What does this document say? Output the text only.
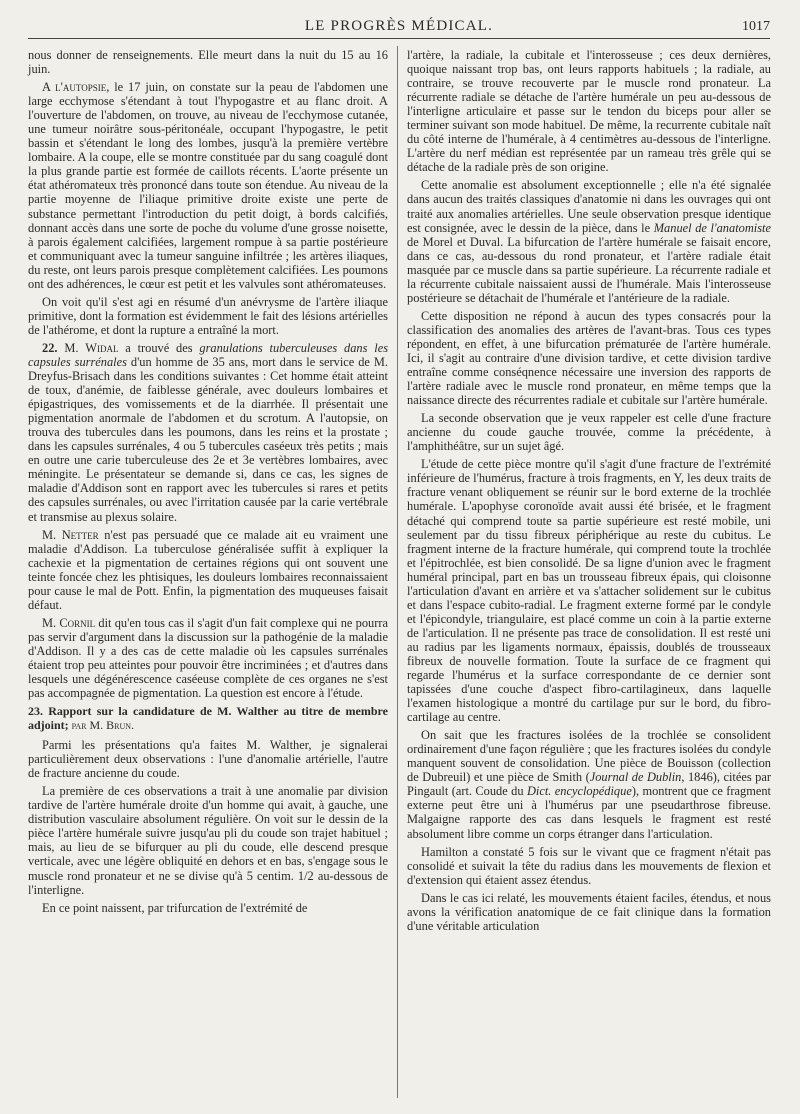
LE PROGRÈS MÉDICAL.	1017

nous donner de renseignements. Elle meurt dans la nuit du 15 au 16 juin.

A l'autopsie, le 17 juin, on constate sur la peau de l'abdomen une large ecchymose s'étendant à tout l'hypogastre et au flanc droit. A l'ouverture de l'abdomen, on trouve, au niveau de l'ecchymose cutanée, une tumeur noirâtre sous-péritonéale, occupant l'hypogastre, le petit bassin et s'étendant le long des lombes, jusqu'à la première vertèbre lombaire. A la coupe, elle se montre constituée par du sang coagulé dont la plus grande partie est formée de caillots récents. L'aorte présente un état athéromateux très prononcé dans toute son étendue. Au niveau de la partie moyenne de l'iliaque primitive droite existe une perte de substance permettant l'introduction du petit doigt, à bords calcifiés, donnant accès dans une sorte de poche du volume d'une grosse noisette, à parois également calcifiées, largement rompue à sa partie postérieure et communiquant avec la tumeur sanguine infiltrée ; les artères iliaques, du reste, ont leurs parois presque complètement calcifiées. Les poumons ont des adhérences, le cœur est petit et les valvules sont athéromateuses.

On voit qu'il s'est agi en résumé d'un anévrysme de l'artère iliaque primitive, dont la formation est évidemment le fait des lésions artérielles de l'athérome, et dont la rupture a entraîné la mort.

22. M. Widal a trouvé des granulations tuberculeuses dans les capsules surrénales d'un homme de 35 ans, mort dans le service de M. Dreyfus-Brisach dans les conditions suivantes : Cet homme était atteint de toux, d'anémie, de faiblesse générale, avec douleurs lombaires et épigastriques, des vomissements et de la diarrhée. Il présentait une pigmentation anormale de l'abdomen et du scrotum. A l'autopsie, on trouva des tubercules dans les poumons, dans les reins et la prostate ; dans les capsules surrénales, 4 ou 5 tubercules caséeux très petits ; mais en outre une carie tuberculeuse des 2e et 3e vertèbres lombaires, avec méningite. Le présentateur se demande si, dans ce cas, les signes de maladie d'Addison sont en rapport avec les tubercules si rares et petits des capsules surrénales, ou avec l'irritation causée par la carie vertébrale et transmise au plexus solaire.

M. Netter n'est pas persuadé que ce malade ait eu vraiment une maladie d'Addison. La tuberculose généralisée suffit à expliquer la cachexie et la pigmentation de certaines régions qui ont souvent une teinte foncée chez les phtisiques, les douleurs lombaires reconnaissaient pour cause le mal de Pott. Enfin, la pigmentation des muqueuses faisait défaut.

M. Cornil dit qu'en tous cas il s'agit d'un fait complexe qui ne pourra pas servir d'argument dans la discussion sur la pathogénie de la maladie d'Addison. Il y a des cas de cette maladie où les capsules surrénales étaient trop peu atteintes pour pouvoir être incriminées ; et d'autres dans lesquels une dégénérescence caséeuse complète de ces organes ne s'est pas accompagnée de pigmentation. La question est encore à l'étude.

23. Rapport sur la candidature de M. Walther au titre de membre adjoint; par M. Brun.

Parmi les présentations qu'a faites M. Walther, je signalerai particulièrement deux observations : l'une d'anomalie artérielle, l'autre de fracture ancienne du coude.

La première de ces observations a trait à une anomalie par division tardive de l'artère humérale droite d'un homme qui avait, à gauche, une distribution vasculaire absolument régulière. On voit sur le dessin de la pièce l'artère humérale suivre jusqu'au pli du coude son trajet habituel ; mais, au lieu de se bifurquer au pli du coude, elle descend presque verticale, avec une légère obliquité en dehors et en bas, s'engage sous le muscle rond pronateur et ne se divise qu'à 5 centim. 1/2 au-dessous de l'interligne.

En ce point naissent, par trifurcation de l'extrémité de

l'artère, la radiale, la cubitale et l'interosseuse ; ces deux dernières, quoique naissant trop bas, ont leurs rapports habituels ; la radiale, au contraire, se trouve recouverte par le muscle rond pronateur. La récurrente radiale se détache de l'artère humérale un peu au-dessous de l'interligne articulaire et passe sur le tendon du biceps pour aller se terminer suivant son mode habituel. De même, la recurrente cubitale naît du côté interne de l'humérale, à 4 centimètres au-dessous de l'interligne. L'artère du nerf médian est représentée par un rameau très grêle qui se détache de la radiale près de son origine.

Cette anomalie est absolument exceptionnelle ; elle n'a été signalée dans aucun des traités classiques d'anatomie ni dans les ouvrages qui ont traité aux anomalies artérielles. Une seule observation presque identique est consignée, avec le dessin de la pièce, dans le Manuel de l'anatomiste de Morel et Duval. La bifurcation de l'artère humérale se faisait encore, dans ce cas, au-dessous du rond pronateur, et l'artère radiale était masquée par ce muscle dans sa partie supérieure. La récurrente radiale et la récurrente cubitale naissaient aussi de l'humérale. Mais l'interosseuse postérieure se détachait de l'humérale et l'antérieure de la radiale.

Cette disposition ne répond à aucun des types consacrés pour la classification des anomalies des artères de l'avant-bras. Tous ces types répondent, en effet, à une bifurcation prématurée de l'artère humérale. Ici, il s'agit au contraire d'une division tardive, et cette division tardive entraîne comme conséqnence nécessaire une inversion des rapports de l'artère radiale avec le muscle rond pronateur, en même temps que la naissance directe des récurrentes radiale et cubitale sur l'artère humérale.

La seconde observation que je veux rappeler est celle d'une fracture ancienne du coude gauche trouvée, comme la précédente, à l'amphithéâtre, sur un sujet âgé.

L'étude de cette pièce montre qu'il s'agit d'une fracture de l'extrémité inférieure de l'humérus, fracture à trois fragments, en Y, les deux traits de fracture venant obliquement se réunir sur le bord externe de la trochlée humérale. L'apophyse coronoïde avait aussi été brisée, et le fragment détaché qui comprend toute sa partie supérieure est resté mobile, uni seulement par du tissu fibreux périphérique au reste du cubitus. Le fragment interne de la fracture humérale, qui comprend toute la trochlée et l'épitrochlée, est bien consolidé. De sa ligne d'union avec le fragment huméral principal, part en bas un trousseau fibreux épais, qui cloisonne l'articulation d'avant en arrière et va s'attacher solidement sur le cubitus et dans l'espace cubito-radial. Le fragment externe formé par le condyle et l'épicondyle, triangulaire, est placé comme un coin à la partie externe de l'articulation. Il ne présente pas trace de consolidation. Il est resté uni au radius par les ligaments normaux, épaissis, doublés de trousseaux fibreux de nouvelle formation. Toute la surface de ce fragment qui regarde l'humérus et la surface correspondante de ce dernier sont tapissées d'une couche d'aspect fibro-cartilagineux, dans laquelle l'examen histologique a montré du cartilage pur sur le bord, du fibro-cartilage au centre.

On sait que les fractures isolées de la trochlée se consolident ordinairement d'une façon régulière ; que les fractures isolées du condyle manquent souvent de consolidation. Une pièce de Bouisson (collection de Dubreuil) et une pièce de Smith (Journal de Dublin, 1846), citées par Pingault (art. Coude du Dict. encyclopédique), montrent que ce fragment externe peut être uni à l'humérus par une pseudarthrose fibreuse. Malgaigne rapporte des cas dans lesquels le fragment est resté absolument libre comme un corps étranger dans l'articulation.

Hamilton a constaté 5 fois sur le vivant que ce fragment n'était pas consolidé et suivait la tête du radius dans les mouvements de flexion et d'extension qui étaient assez étendus.

Dans le cas ici relaté, les mouvements étaient faciles, étendus, et nous avons la vérification anatomique de ce fait clinique dans la formation d'une véritable articulation
